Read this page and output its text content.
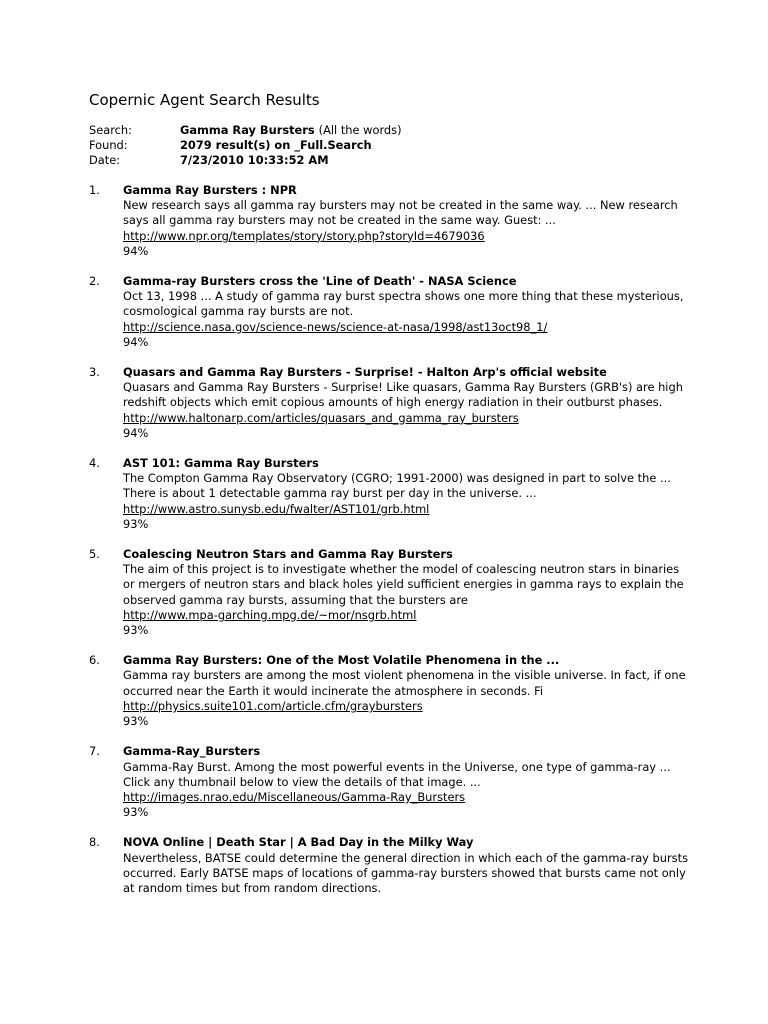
Copernic Agent Search Results
Search:	Gamma Ray Bursters (All the words)
Found:	2079 result(s) on _Full.Search
Date:	7/23/2010 10:33:52 AM
1. Gamma Ray Bursters : NPR
New research says all gamma ray bursters may not be created in the same way. ... New research says all gamma ray bursters may not be created in the same way. Guest: ...
http://www.npr.org/templates/story/story.php?storyId=4679036
94%
2. Gamma-ray Bursters cross the 'Line of Death' - NASA Science
Oct 13, 1998 ... A study of gamma ray burst spectra shows one more thing that these mysterious, cosmological gamma ray bursts are not.
http://science.nasa.gov/science-news/science-at-nasa/1998/ast13oct98_1/
94%
3. Quasars and Gamma Ray Bursters - Surprise! - Halton Arp's official website
Quasars and Gamma Ray Bursters - Surprise! Like quasars, Gamma Ray Bursters (GRB's) are high redshift objects which emit copious amounts of high energy radiation in their outburst phases.
http://www.haltonarp.com/articles/quasars_and_gamma_ray_bursters
94%
4. AST 101: Gamma Ray Bursters
The Compton Gamma Ray Observatory (CGRO; 1991-2000) was designed in part to solve the ... There is about 1 detectable gamma ray burst per day in the universe. ...
http://www.astro.sunysb.edu/fwalter/AST101/grb.html
93%
5. Coalescing Neutron Stars and Gamma Ray Bursters
The aim of this project is to investigate whether the model of coalescing neutron stars in binaries or mergers of neutron stars and black holes yield sufficient energies in gamma rays to explain the observed gamma ray bursts, assuming that the bursters are
http://www.mpa-garching.mpg.de/~mor/nsgrb.html
93%
6. Gamma Ray Bursters: One of the Most Volatile Phenomena in the ...
Gamma ray bursters are among the most violent phenomena in the visible universe. In fact, if one occurred near the Earth it would incinerate the atmosphere in seconds. Fi
http://physics.suite101.com/article.cfm/graybursters
93%
7. Gamma-Ray_Bursters
Gamma-Ray Burst. Among the most powerful events in the Universe, one type of gamma-ray ... Click any thumbnail below to view the details of that image. ...
http://images.nrao.edu/Miscellaneous/Gamma-Ray_Bursters
93%
8. NOVA Online | Death Star | A Bad Day in the Milky Way
Nevertheless, BATSE could determine the general direction in which each of the gamma-ray bursts occurred. Early BATSE maps of locations of gamma-ray bursters showed that bursts came not only at random times but from random directions.
